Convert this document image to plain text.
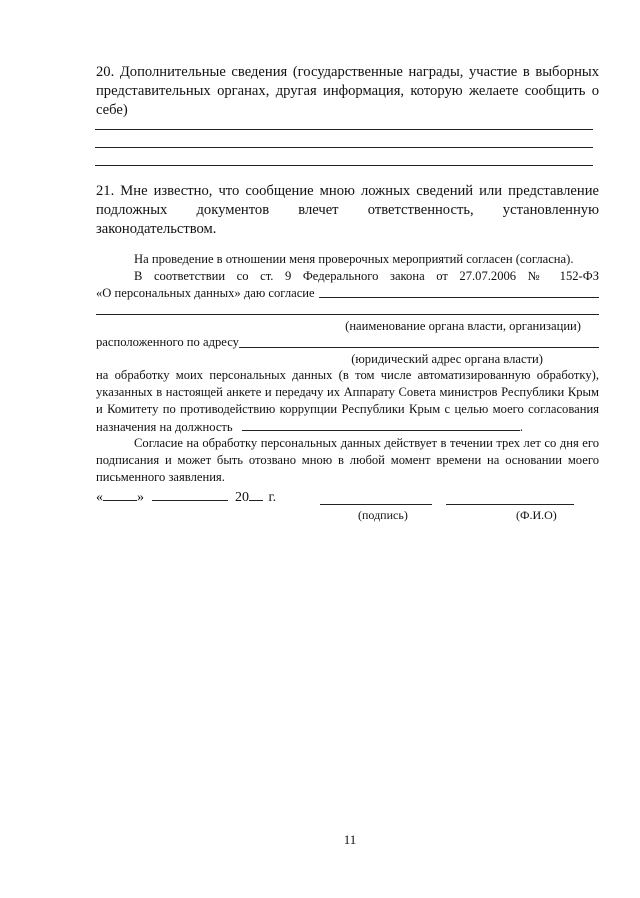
20. Дополнительные сведения (государственные награды, участие в выборных представительных органах, другая информация, которую желаете сообщить о себе)
21. Мне известно, что сообщение мною ложных сведений или представление подложных документов влечет ответственность, установленную законодательством.
На проведение в отношении меня проверочных мероприятий согласен (согласна).
В соответствии со ст. 9 Федерального закона от 27.07.2006 № 152-ФЗ
«О персональных данных» даю согласие
(наименование органа власти, организации)
расположенного по адресу
(юридический адрес органа власти)
на обработку моих персональных данных (в том числе автоматизированную обработку), указанных в настоящей анкете и передачу их Аппарату Совета министров Республики Крым и Комитету по противодействию коррупции Республики Крым с целью моего согласования назначения на должность	.
Согласие на обработку персональных данных действует в течении трех лет со дня его подписания и может быть отозвано мною в любой момент времени на основании моего письменного заявления.
« »	20 г.
(подпись)	(Ф.И.О)
11
